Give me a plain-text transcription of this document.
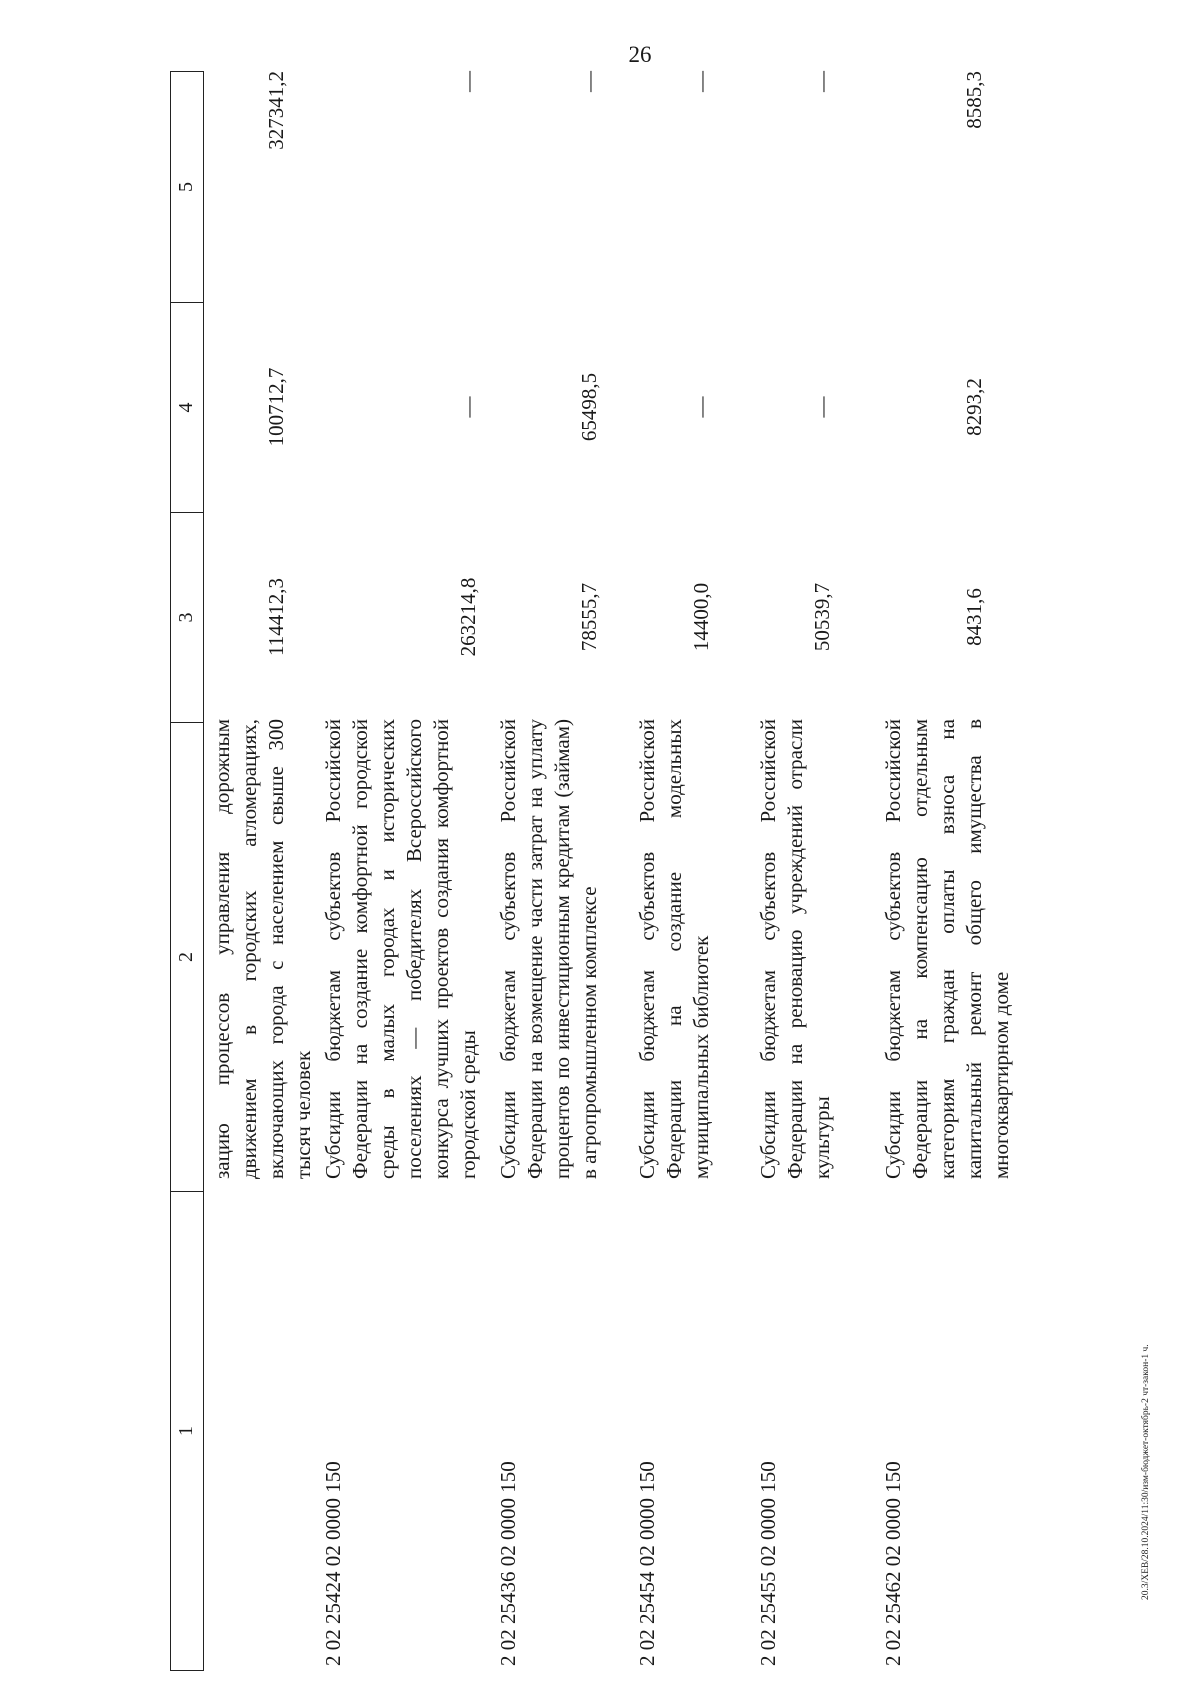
26
20.3/ХЕВ/28.10.2024/11:30/изм-бюджет-октябрь-2 чт-закон-1 ч.
1
2
3
4
5
зацию процессов управления дорожным движением в городских агломерациях, включающих города с населением свыше 300 тысяч человек
114412,3
100712,7
327341,2
2 02 25424 02 0000 150
Субсидии бюджетам субъектов Российской Федерации на создание комфортной городской среды в малых городах и исторических поселениях — победителях Всероссийского конкурса лучших проектов создания комфортной городской среды
263214,8
—
—
2 02 25436 02 0000 150
Субсидии бюджетам субъектов Российской Федерации на возмещение части затрат на уплату процентов по инвестиционным кредитам (займам) в агропромышленном комплексе
78555,7
65498,5
—
2 02 25454 02 0000 150
Субсидии бюджетам субъектов Российской Федерации на создание модельных муниципальных библиотек
14400,0
—
—
2 02 25455 02 0000 150
Субсидии бюджетам субъектов Российской Федерации на реновацию учреждений отрасли культуры
50539,7
—
—
2 02 25462 02 0000 150
Субсидии бюджетам субъектов Российской Федерации на компенсацию отдельным категориям граждан оплаты взноса на капитальный ремонт общего имущества в многоквартирном доме
8431,6
8293,2
8585,3
